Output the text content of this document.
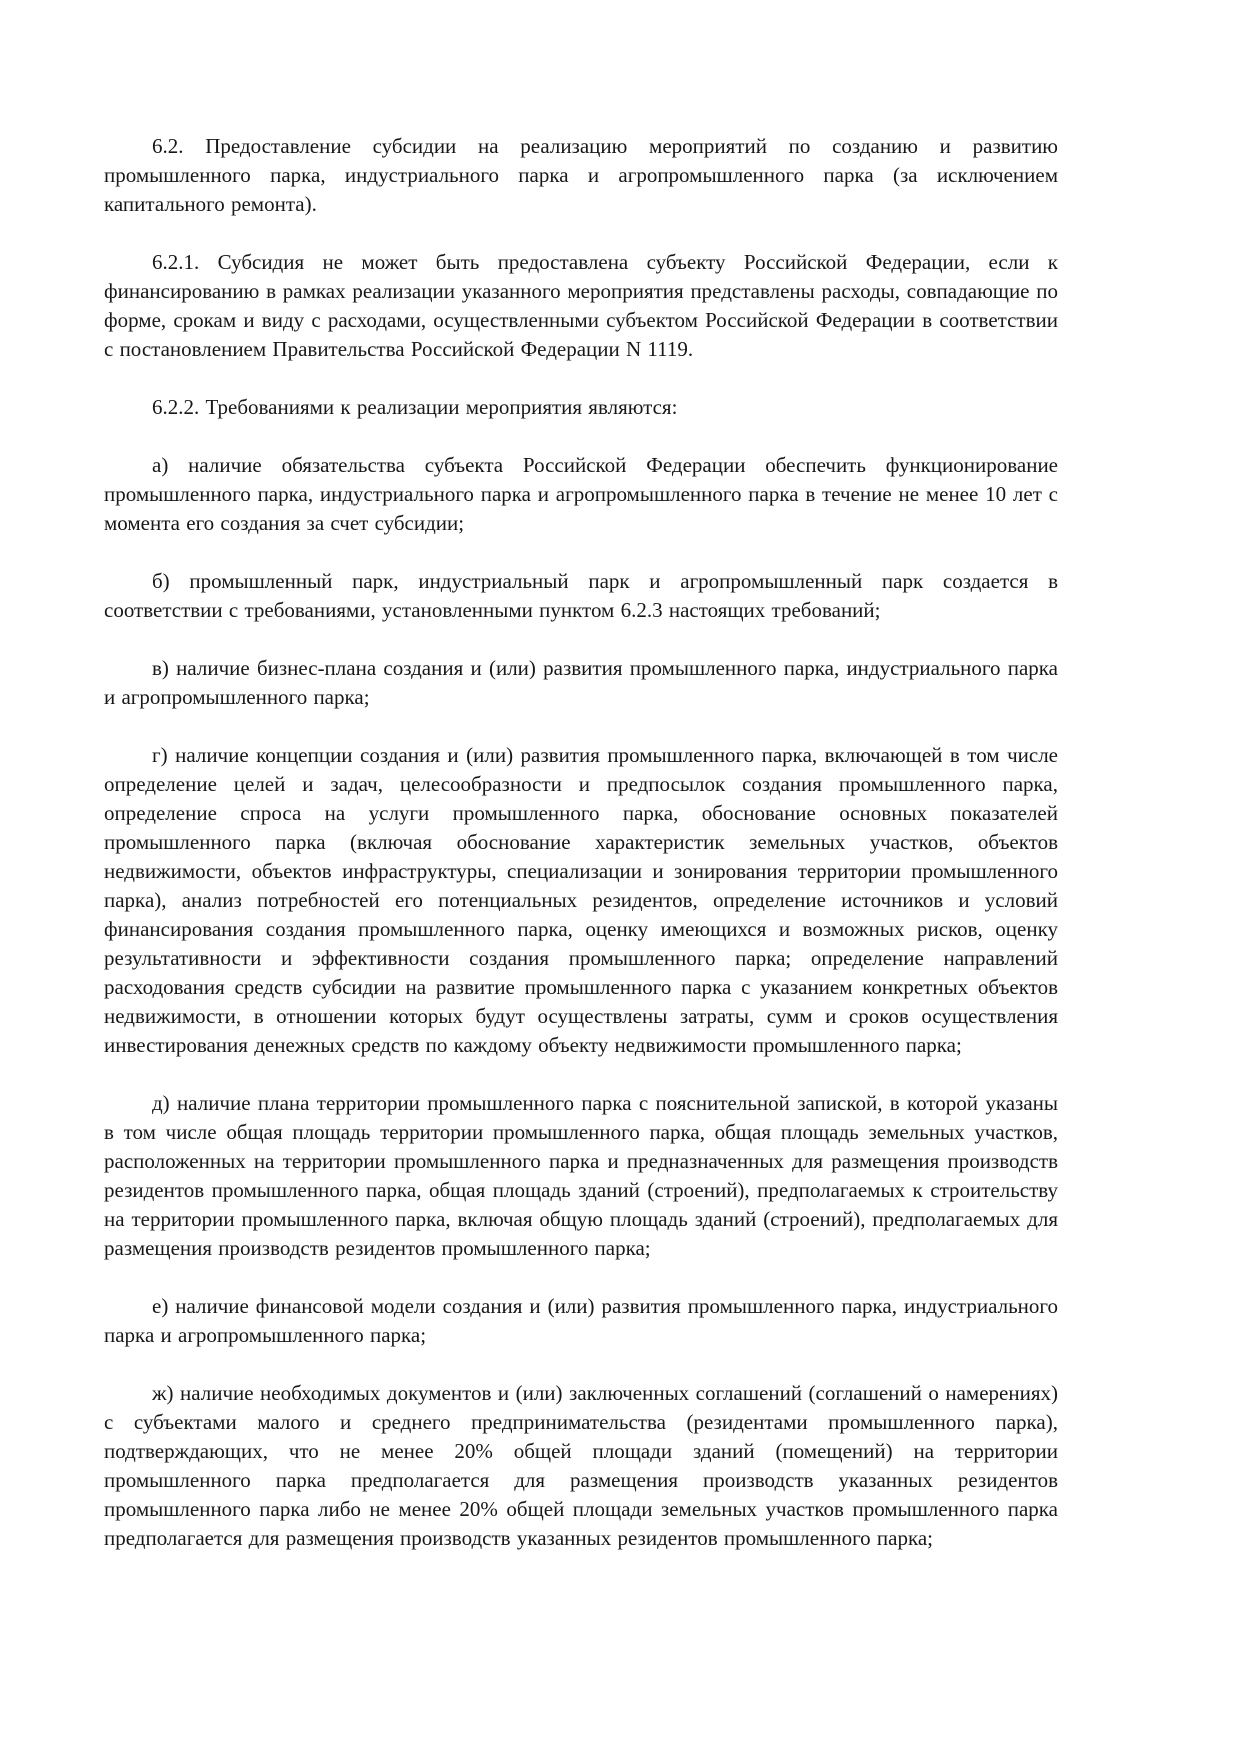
6.2. Предоставление субсидии на реализацию мероприятий по созданию и развитию промышленного парка, индустриального парка и агропромышленного парка (за исключением капитального ремонта).

6.2.1. Субсидия не может быть предоставлена субъекту Российской Федерации, если к финансированию в рамках реализации указанного мероприятия представлены расходы, совпадающие по форме, срокам и виду с расходами, осуществленными субъектом Российской Федерации в соответствии с постановлением Правительства Российской Федерации N 1119.

6.2.2. Требованиями к реализации мероприятия являются:

а) наличие обязательства субъекта Российской Федерации обеспечить функционирование промышленного парка, индустриального парка и агропромышленного парка в течение не менее 10 лет с момента его создания за счет субсидии;

б) промышленный парк, индустриальный парк и агропромышленный парк создается в соответствии с требованиями, установленными пунктом 6.2.3 настоящих требований;

в) наличие бизнес-плана создания и (или) развития промышленного парка, индустриального парка и агропромышленного парка;

г) наличие концепции создания и (или) развития промышленного парка, включающей в том числе определение целей и задач, целесообразности и предпосылок создания промышленного парка, определение спроса на услуги промышленного парка, обоснование основных показателей промышленного парка (включая обоснование характеристик земельных участков, объектов недвижимости, объектов инфраструктуры, специализации и зонирования территории промышленного парка), анализ потребностей его потенциальных резидентов, определение источников и условий финансирования создания промышленного парка, оценку имеющихся и возможных рисков, оценку результативности и эффективности создания промышленного парка; определение направлений расходования средств субсидии на развитие промышленного парка с указанием конкретных объектов недвижимости, в отношении которых будут осуществлены затраты, сумм и сроков осуществления инвестирования денежных средств по каждому объекту недвижимости промышленного парка;

д) наличие плана территории промышленного парка с пояснительной запиской, в которой указаны в том числе общая площадь территории промышленного парка, общая площадь земельных участков, расположенных на территории промышленного парка и предназначенных для размещения производств резидентов промышленного парка, общая площадь зданий (строений), предполагаемых к строительству на территории промышленного парка, включая общую площадь зданий (строений), предполагаемых для размещения производств резидентов промышленного парка;

е) наличие финансовой модели создания и (или) развития промышленного парка, индустриального парка и агропромышленного парка;

ж) наличие необходимых документов и (или) заключенных соглашений (соглашений о намерениях) с субъектами малого и среднего предпринимательства (резидентами промышленного парка), подтверждающих, что не менее 20% общей площади зданий (помещений) на территории промышленного парка предполагается для размещения производств указанных резидентов промышленного парка либо не менее 20% общей площади земельных участков промышленного парка предполагается для размещения производств указанных резидентов промышленного парка;
